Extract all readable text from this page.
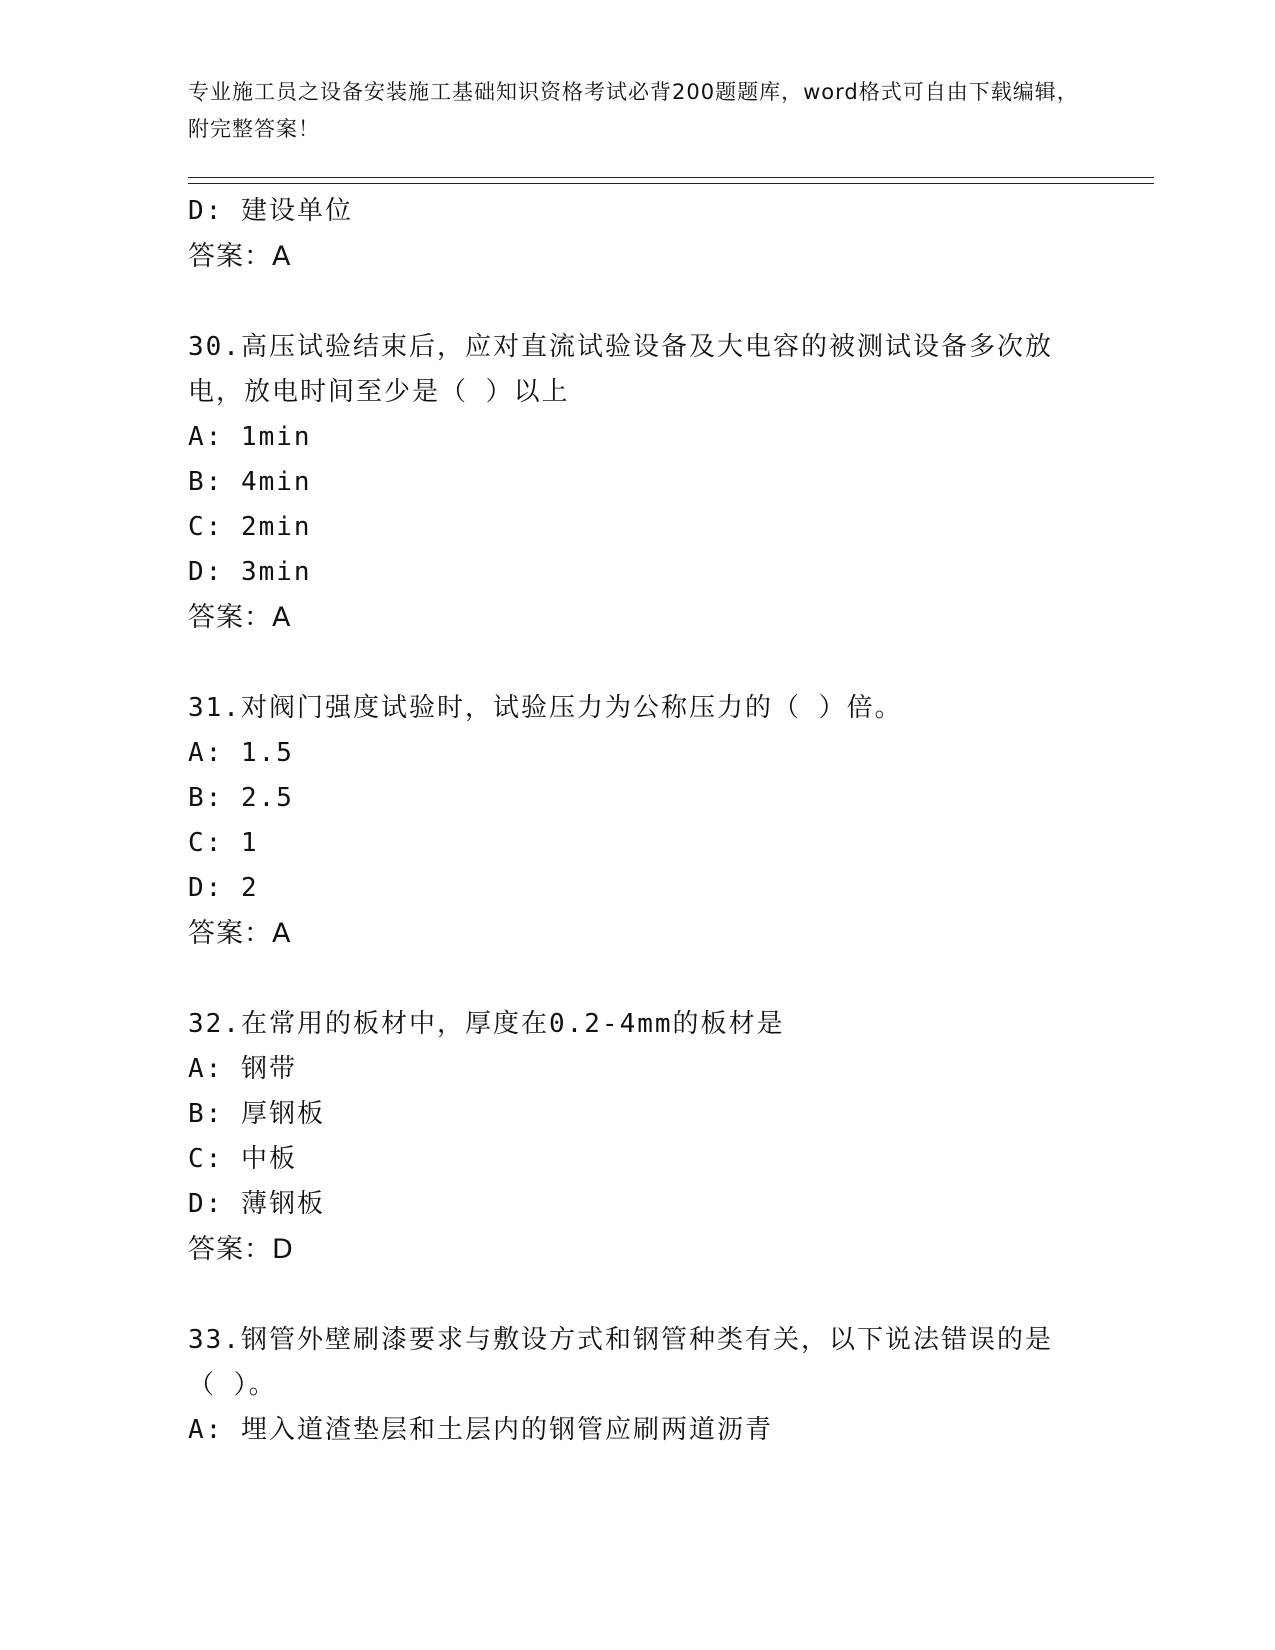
专业施工员之设备安装施工基础知识资格考试必背200题题库，word格式可自由下载编辑，附完整答案！
D: 建设单位
答案：A
30.高压试验结束后，应对直流试验设备及大电容的被测试设备多次放
电，放电时间至少是（ ）以上
A: 1min
B: 4min
C: 2min
D: 3min
答案：A
31.对阀门强度试验时，试验压力为公称压力的（ ）倍。
A: 1.5
B: 2.5
C: 1
D: 2
答案：A
32.在常用的板材中，厚度在0.2-4mm的板材是
A: 钢带
B: 厚钢板
C: 中板
D: 薄钢板
答案：D
33.钢管外壁刷漆要求与敷设方式和钢管种类有关，以下说法错误的是
（ ）。
A: 埋入道渣垫层和土层内的钢管应刷两道沥青
